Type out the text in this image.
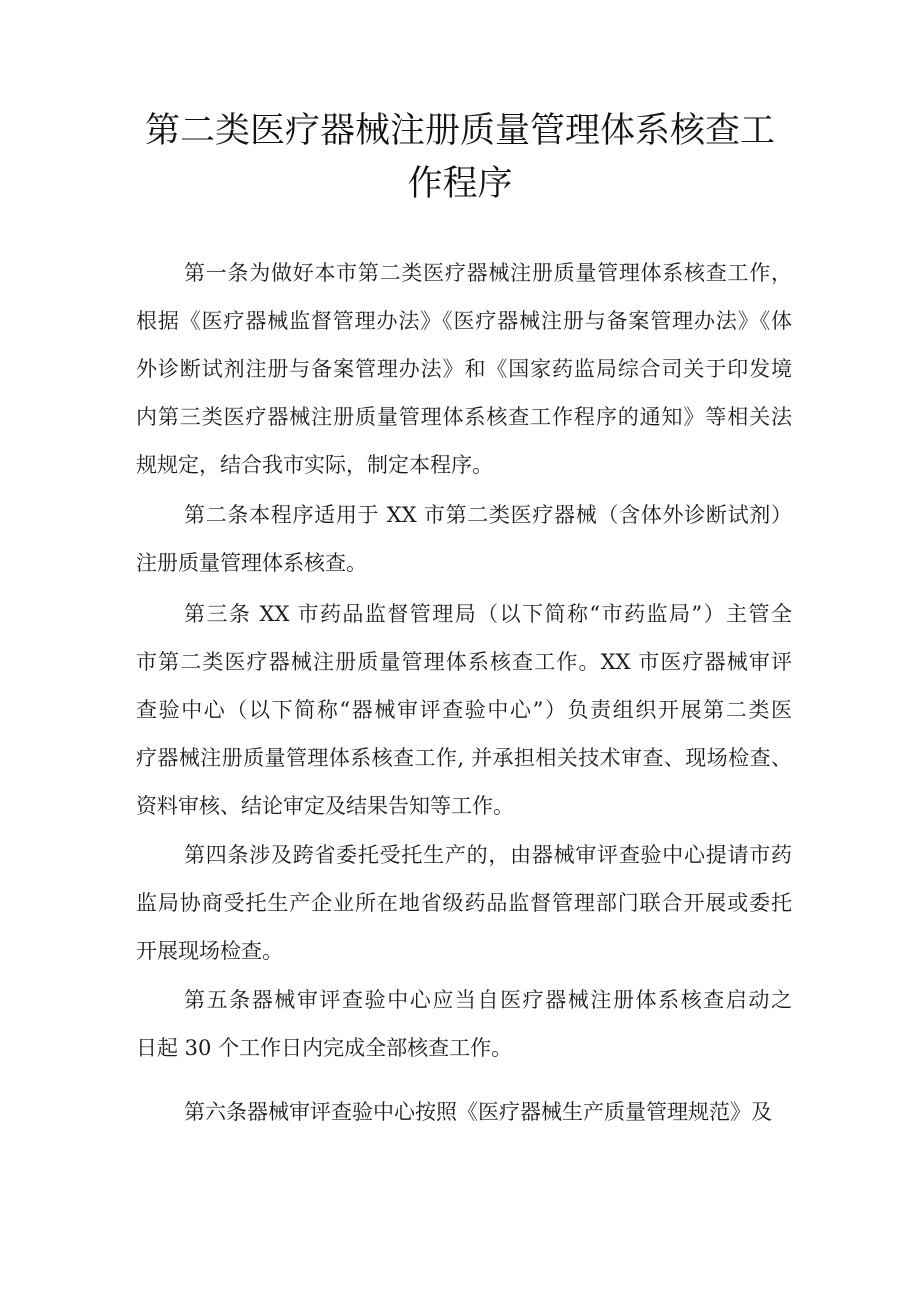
第二类医疗器械注册质量管理体系核查工
作程序
第一条为做好本市第二类医疗器械注册质量管理体系核查工作，
根据《医疗器械监督管理办法》《医疗器械注册与备案管理办法》《体
外诊断试剂注册与备案管理办法》和《国家药监局综合司关于印发境
内第三类医疗器械注册质量管理体系核查工作程序的通知》等相关法
规规定，结合我市实际，制定本程序。
第二条本程序适用于 XX 市第二类医疗器械（含体外诊断试剂）
注册质量管理体系核查。
第三条 XX 市药品监督管理局（以下简称“市药监局”）主管全
市第二类医疗器械注册质量管理体系核查工作。XX 市医疗器械审评
查验中心（以下简称“器械审评查验中心”）负责组织开展第二类医
疗器械注册质量管理体系核查工作, 并承担相关技术审查、现场检查、
资料审核、结论审定及结果告知等工作。
第四条涉及跨省委托受托生产的，由器械审评查验中心提请市药
监局协商受托生产企业所在地省级药品监督管理部门联合开展或委托
开展现场检查。
第五条器械审评查验中心应当自医疗器械注册体系核查启动之
日起 30 个工作日内完成全部核查工作。
第六条器械审评查验中心按照《医疗器械生产质量管理规范》及
